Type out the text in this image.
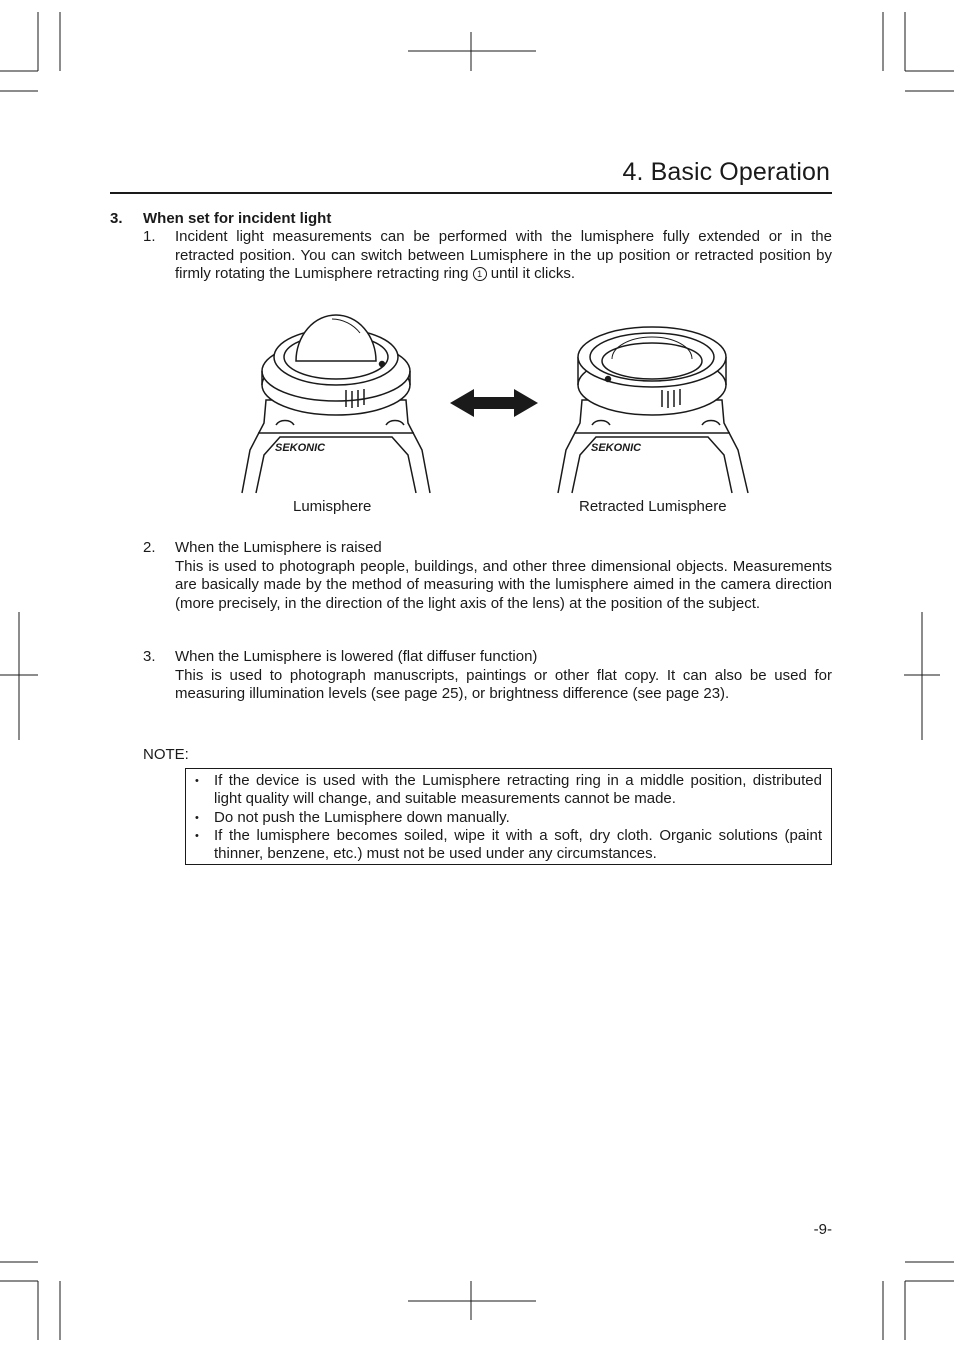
4. Basic Operation
3. When set for incident light
1. Incident light measurements can be performed with the lumisphere fully extended or in the retracted position. You can switch between Lumisphere in the up position or retracted position by firmly rotating the Lumisphere retracting ring 1 until it clicks.

SEKONIC	SEKONIC
Lumisphere	Retracted Lumisphere
2. When the Lumisphere is raised

This is used to photograph people, buildings, and other three dimensional objects. Measurements are basically made by the method of measuring with the lumisphere aimed in the camera direction (more precisely, in the direction of the light axis of the lens) at the position of the subject.

3. When the Lumisphere is lowered (flat diffuser function)

This is used to photograph manuscripts, paintings or other flat copy. It can also be used for measuring illumination levels (see page 25), or brightness difference (see page 23).

NOTE:
• If the device is used with the Lumisphere retracting ring in a middle position, distributed light quality will change, and suitable measurements cannot be made.
• Do not push the Lumisphere down manually.
• If the lumisphere becomes soiled, wipe it with a soft, dry cloth. Organic solutions (paint thinner, benzene, etc.) must not be used under any circumstances.
-9-
